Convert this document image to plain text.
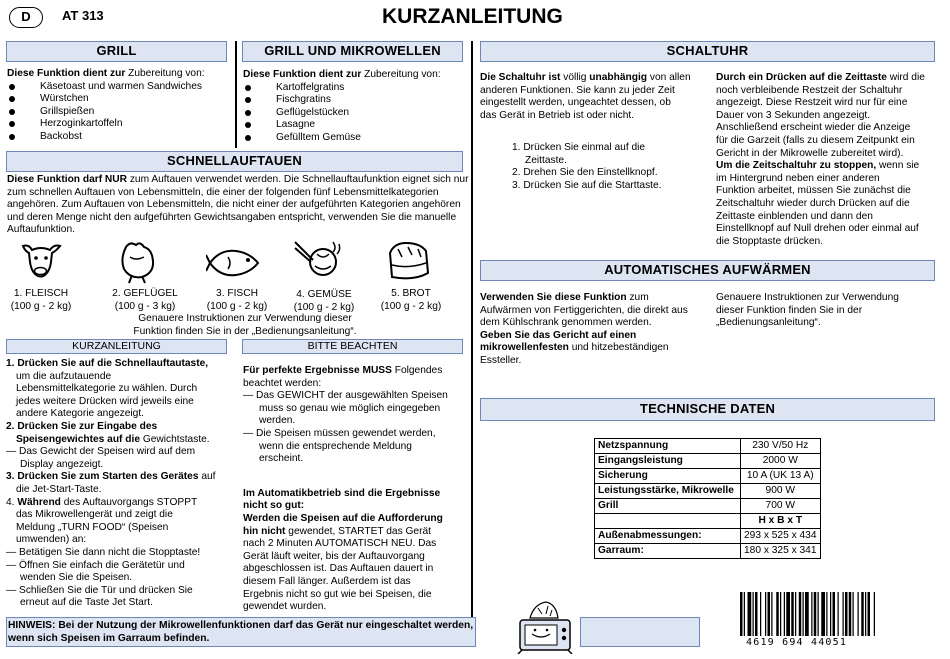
D	AT 313	KURZANLEITUNG
GRILL

Diese Funktion dient zur Zubereitung von:

Käsetoast und warmen Sandwiches
Würstchen
Grillspießen
Herzoginkartoffeln
Backobst
GRILL UND MIKROWELLEN

Diese Funktion dient zur Zubereitung von:

Kartoffelgratins
Fischgratins
Geflügelstücken
Lasagne
Gefülltem Gemüse
SCHNELLAUFTAUEN

Diese Funktion darf NUR zum Auftauen verwendet werden. Die Schnellauftaufunktion eignet sich nur zum schnellen Auftauen von Lebensmitteln, die einer der folgenden fünf Lebensmittelkategorien angehören. Zum Auftauen von Lebensmitteln, die nicht einer der aufgeführten Kategorien angehören und deren Menge nicht den aufgeführten Gewichtsangaben entspricht, verwenden Sie die manuelle Auftaufunktion.

1. FLEISCH
(100 g - 2 kg)
2. GEFLÜGEL
(100 g - 3 kg)
3. FISCH
(100 g - 2 kg)
4. GEMÜSE
(100 g - 2 kg)
5. BROT
(100 g - 2 kg)
Genauere Instruktionen zur Verwendung dieser
Funktion finden Sie in der „Bedienungsanleitung“.
KURZANLEITUNG

1. Drücken Sie auf die Schnellauftautaste,

um die aufzutauende

Lebensmittelkategorie zu wählen. Durch

jedes weitere Drücken wird jeweils eine

andere Kategorie angezeigt.

2. Drücken Sie zur Eingabe des

Speisengewichtes auf die Gewichtstaste.

— Das Gewicht der Speisen wird auf dem

Display angezeigt.

3. Drücken Sie zum Starten des Gerätes auf

die Jet-Start-Taste.

4. Während des Auftauvorgangs STOPPT

das Mikrowellengerät und zeigt die

Meldung „TURN FOOD“ (Speisen

umwenden) an:

— Betätigen Sie dann nicht die Stopptaste!

— Öffnen Sie einfach die Gerätetür und

wenden Sie die Speisen.

— Schließen Sie die Tür und drücken Sie

erneut auf die Taste Jet Start.

BITTE BEACHTEN

Für perfekte Ergebnisse MUSS Folgendes

beachtet werden:

— Das GEWICHT der ausgewählten Speisen

muss so genau wie möglich eingegeben

werden.

— Die Speisen müssen gewendet werden,

wenn die entsprechende Meldung

erscheint.

Im Automatikbetrieb sind die Ergebnisse

nicht so gut:

Werden die Speisen auf die Aufforderung

hin nicht gewendet, STARTET das Gerät

nach 2 Minuten AUTOMATISCH NEU. Das

Gerät läuft weiter, bis der Auftauvorgang

abgeschlossen ist. Das Auftauen dauert in

diesem Fall länger. Außerdem ist das

Ergebnis nicht so gut wie bei Speisen, die

gewendet wurden.

SCHALTUHR

Die Schaltuhr ist völlig unabhängig von allen

anderen Funktionen. Sie kann zu jeder Zeit

eingestellt werden, ungeachtet dessen, ob

das Gerät in Betrieb ist oder nicht.

1. Drücken Sie einmal auf die

Zeittaste.

2. Drehen Sie den Einstellknopf.

3. Drücken Sie auf die Starttaste.

Durch ein Drücken auf die Zeittaste wird die

noch verbleibende Restzeit der Schaltuhr

angezeigt. Diese Restzeit wird nur für eine

Dauer von 3 Sekunden angezeigt.

Anschließend erscheint wieder die Anzeige

für die Garzeit (falls zu diesem Zeitpunkt ein

Gericht in der Mikrowelle zubereitet wird).

Um die Zeitschaltuhr zu stoppen, wenn sie

im Hintergrund neben einer anderen

Funktion arbeitet, müssen Sie zunächst die

Zeitschaltuhr wieder durch Drücken auf die

Zeittaste einblenden und dann den

Einstellknopf auf Null drehen oder einmal auf

die Stopptaste drücken.

AUTOMATISCHES AUFWÄRMEN

Verwenden Sie diese Funktion zum

Aufwärmen von Fertiggerichten, die direkt aus

dem Kühlschrank genommen werden.

Geben Sie das Gericht auf einen

mikrowellenfesten und hitzebeständigen

Essteller.

Genauere Instruktionen zur Verwendung

dieser Funktion finden Sie in der

„Bedienungsanleitung“.

TECHNISCHE DATEN
Netzspannung	230 V/50 Hz
Eingangsleistung	2000 W
Sicherung	10 A (UK 13 A)
Leistungsstärke, Mikrowelle	900 W
Grill	700 W
	H x B x T
Außenabmessungen:	293 x 525 x 434
Garraum:	180 x 325 x 341

HINWEIS: Bei der Nutzung der Mikrowellenfunktionen darf das Gerät nur eingeschaltet werden,

wenn sich Speisen im Garraum befinden.	4619 694 44051
